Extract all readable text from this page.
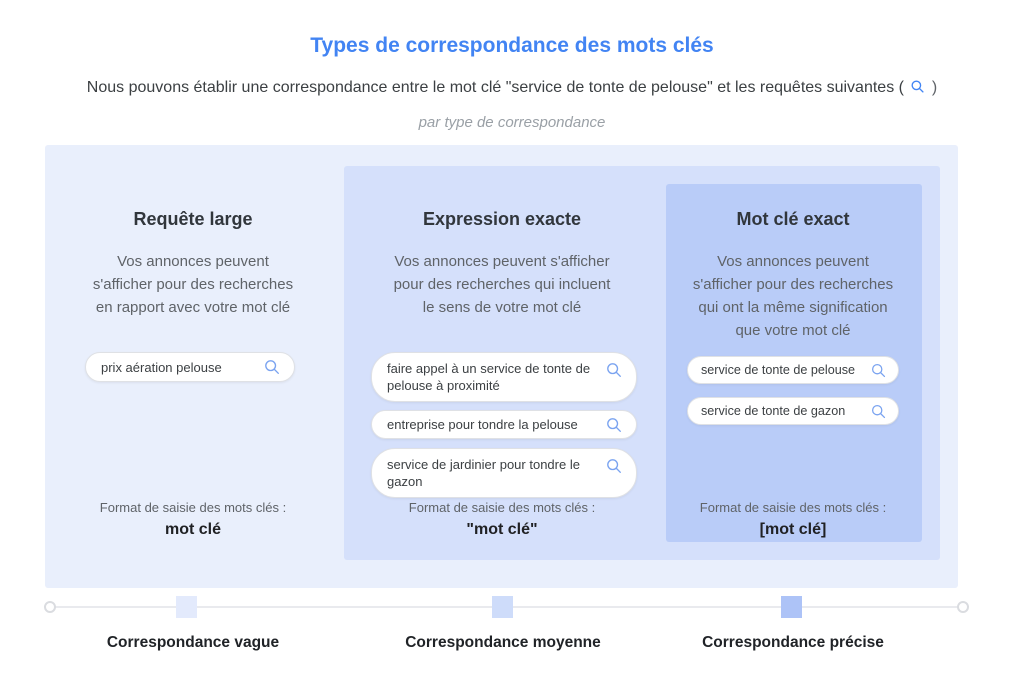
Types de correspondance des mots clés
Nous pouvons établir une correspondance entre le mot clé "service de tonte de pelouse" et les requêtes suivantes ( )
par type de correspondance
Requête large
Vos annonces peuvent
s'afficher pour des recherches
en rapport avec votre mot clé
prix aération pelouse
Format de saisie des mots clés :
mot clé
Expression exacte
Vos annonces peuvent s'afficher
pour des recherches qui incluent
le sens de votre mot clé
faire appel à un service de tonte de pelouse à proximité
entreprise pour tondre la pelouse
service de jardinier pour tondre le gazon
Format de saisie des mots clés :
"mot clé"
Mot clé exact
Vos annonces peuvent
s'afficher pour des recherches
qui ont la même signification
que votre mot clé
service de tonte de pelouse
service de tonte de gazon
Format de saisie des mots clés :
[mot clé]
Correspondance vague	Correspondance moyenne	Correspondance précise
